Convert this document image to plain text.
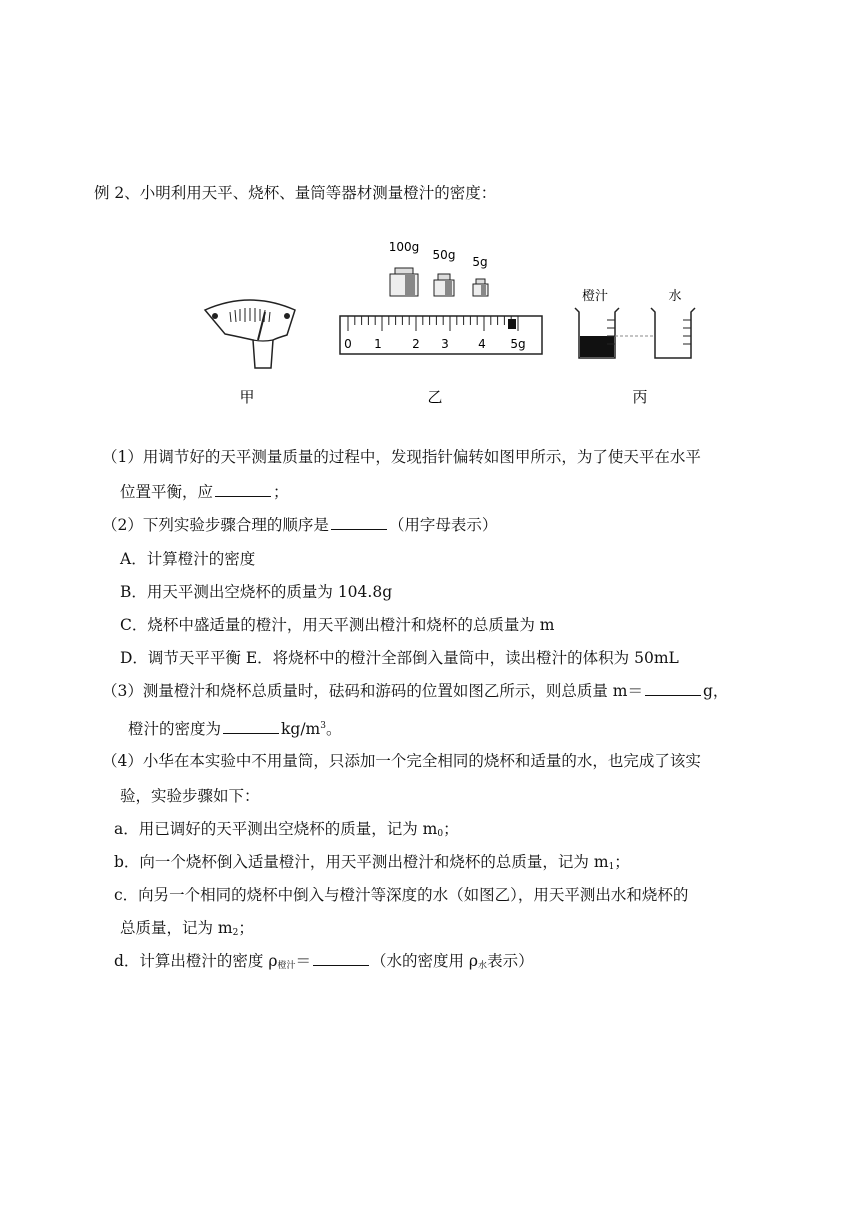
例 2、小明利用天平、烧杯、量筒等器材测量橙汁的密度：
甲
100g
50g 5g
0 1	2 3 4 5g
乙
橙汁	水
丙
（1）用调节好的天平测量质量的过程中，发现指针偏转如图甲所示，为了使天平在水平
位置平衡，应	；
（2）下列实验步骤合理的顺序是	（用字母表示）
A．计算橙汁的密度
B．用天平测出空烧杯的质量为 104.8g
C．烧杯中盛适量的橙汁，用天平测出橙汁和烧杯的总质量为 m
D．调节天平平衡 E．将烧杯中的橙汁全部倒入量筒中，读出橙汁的体积为 50mL
（3）测量橙汁和烧杯总质量时，砝码和游码的位置如图乙所示，则总质量 m＝	g，
橙汁的密度为	$kg/m^3$。
（4）小华在本实验中不用量筒，只添加一个完全相同的烧杯和适量的水，也完成了该实
验，实验步骤如下：
a．用已调好的天平测出空烧杯的质量，记为 $m_0$；
b．向一个烧杯倒入适量橙汁，用天平测出橙汁和烧杯的总质量，记为 $m_1$；
c．向另一个相同的烧杯中倒入与橙汁等深度的水（如图乙），用天平测出水和烧杯的
总质量，记为 $m_2$；
d．计算出橙汁的密度 $\rho_{橙汁}=$	（水的密度用 $\rho_水$表示）
